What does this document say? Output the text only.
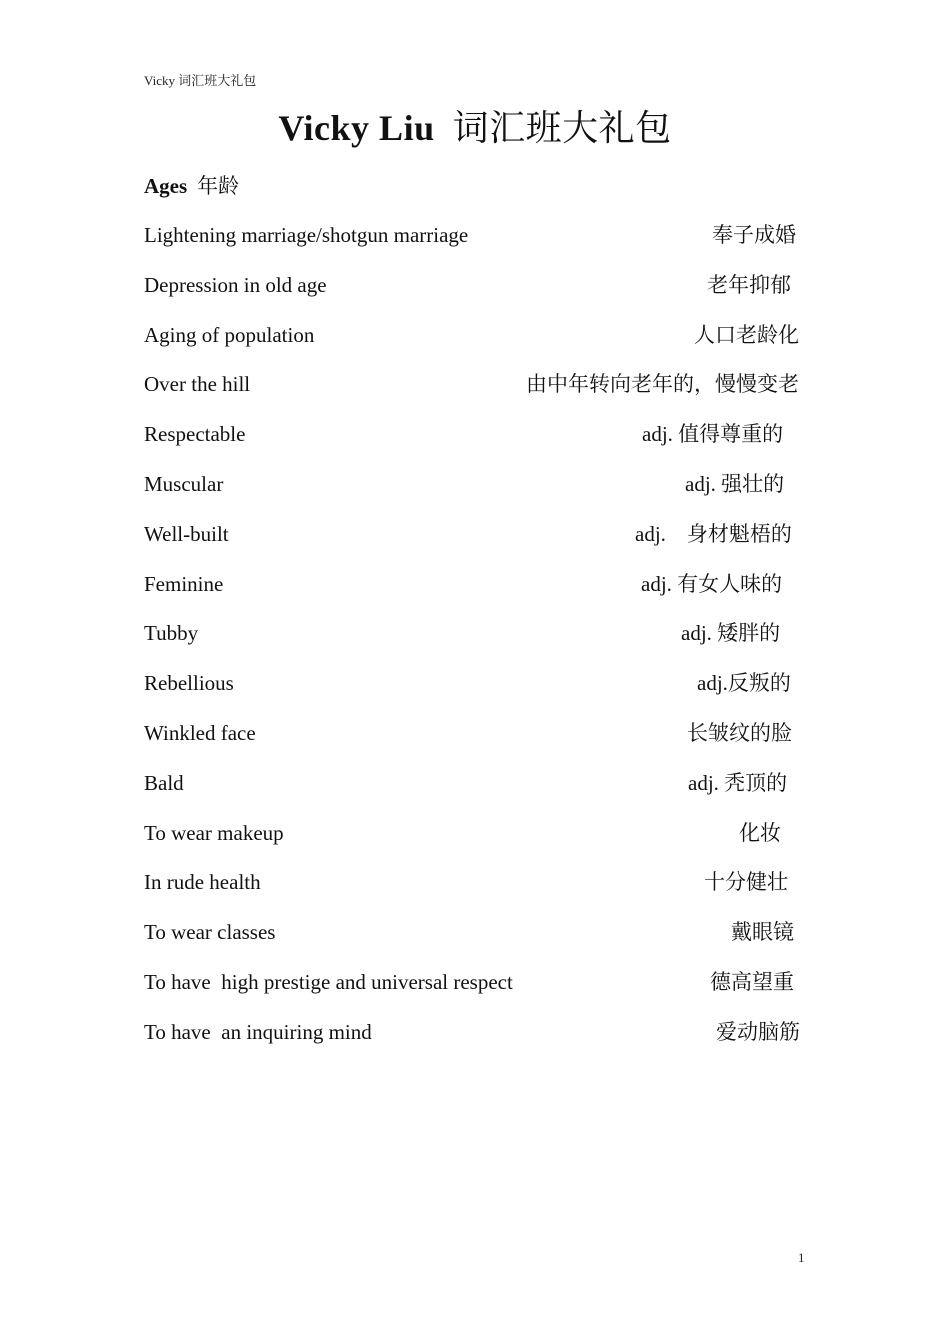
Vicky 词汇班大礼包
Vicky Liu 词汇班大礼包
Ages 年龄
Lightening marriage/shotgun marriage	奉子成婚
Depression in old age	老年抑郁
Aging of population	人口老龄化
Over the hill	由中年转向老年的，慢慢变老
Respectable	adj. 值得尊重的
Muscular	adj. 强壮的
Well-built	adj.    身材魁梧的
Feminine	adj. 有女人味的
Tubby	adj. 矮胖的
Rebellious	adj.反叛的
Winkled face	长皱纹的脸
Bald	adj. 秃顶的
To wear makeup	化妆
In rude health	十分健壮
To wear classes	戴眼镜
To have  high prestige and universal respect	德高望重
To have  an inquiring mind	爱动脑筋
1
